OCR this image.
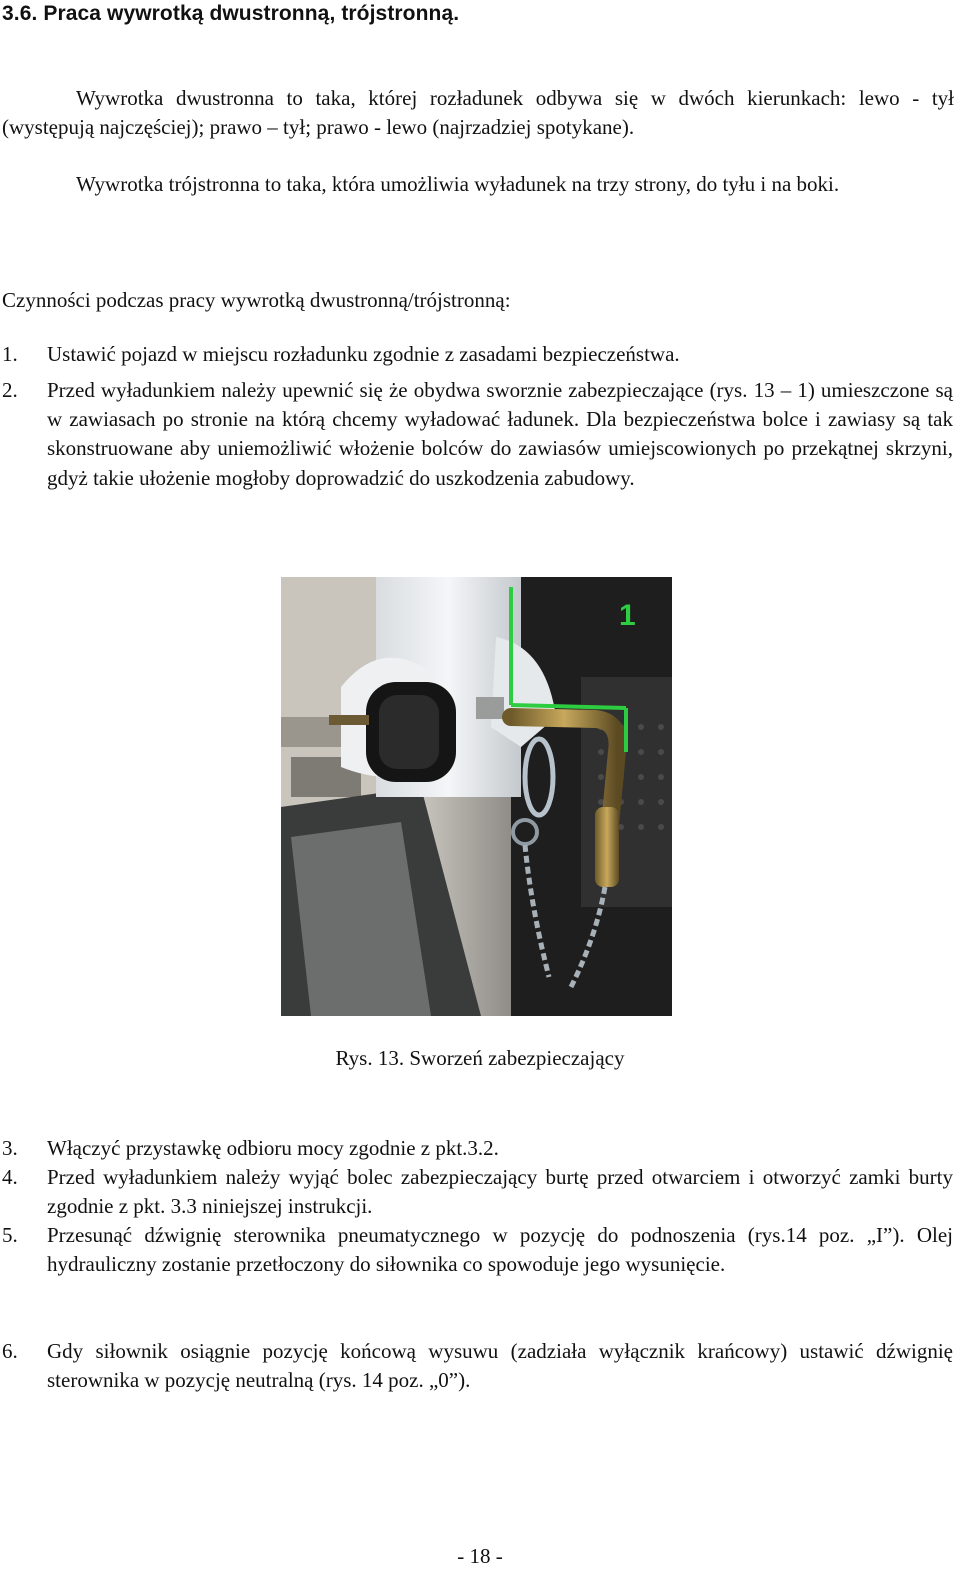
3.6. Praca wywrotką dwustronną, trójstronną.
Wywrotka dwustronna to taka, której rozładunek odbywa się w dwóch kierunkach: lewo - tył (występują najczęściej); prawo – tył; prawo - lewo (najrzadziej spotykane).
Wywrotka trójstronna to taka, która umożliwia wyładunek na trzy strony, do tyłu i na boki.
Czynności podczas pracy wywrotką dwustronną/trójstronną:
1.	Ustawić pojazd w miejscu rozładunku zgodnie z zasadami bezpieczeństwa.
2.	Przed wyładunkiem należy upewnić się że obydwa sworznie zabezpieczające (rys. 13 – 1) umieszczone są w zawiasach po stronie na którą chcemy wyładować ładunek. Dla bezpieczeństwa bolce i zawiasy są tak skonstruowane aby uniemożliwić włożenie bolców do zawiasów umiejscowionych po przekątnej skrzyni, gdyż takie ułożenie mogłoby doprowadzić do uszkodzenia zabudowy.
1
Rys. 13. Sworzeń zabezpieczający
3.	Włączyć przystawkę odbioru mocy zgodnie z pkt.3.2.
4.	Przed wyładunkiem należy wyjąć bolec zabezpieczający burtę przed otwarciem i otworzyć zamki burty zgodnie z pkt. 3.3 niniejszej instrukcji.
5.	Przesunąć dźwignię sterownika pneumatycznego w pozycję do podnoszenia (rys.14 poz. „I”). Olej hydrauliczny zostanie przetłoczony do siłownika co spowoduje jego wysunięcie.
6.	Gdy siłownik osiągnie pozycję końcową wysuwu (zadziała wyłącznik krańcowy) ustawić dźwignię sterownika w pozycję neutralną (rys. 14 poz. „0”).
- 18 -
